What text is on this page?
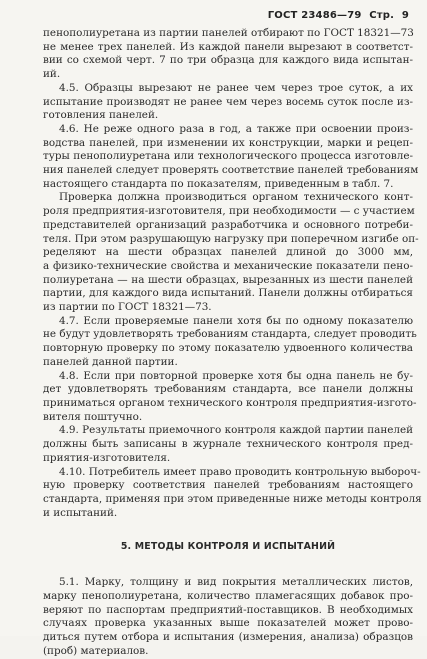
ГОСТ 23486—79 Стр. 9
пенополиуретана из партии панелей отбирают по ГОСТ 18321—73
не менее трех панелей. Из каждой панели вырезают в соответст-
вии со схемой черт. 7 по три образца для каждого вида испытан-
ий.
4.5. Образцы вырезают не ранее чем через трое суток, а их
испытание производят не ранее чем через восемь суток после из-
готовления панелей.
4.6. Не реже одного раза в год, а также при освоении произ-
водства панелей, при изменении их конструкции, марки и рецеп-
туры пенополиуретана или технологического процесса изготовле-
ния панелей следует проверять соответствие панелей требованиям
настоящего стандарта по показателям, приведенным в табл. 7.
Проверка должна производиться органом технического конт-
роля предприятия-изготовителя, при необходимости — с участием
представителей организаций разработчика и основного потреби-
теля. При этом разрушающую нагрузку при поперечном изгибе оп-
ределяют на шести образцах панелей длиной до 3000 мм,
а физико-технические свойства и механические показатели пено-
полиуретана — на шести образцах, вырезанных из шести панелей
партии, для каждого вида испытаний. Панели должны отбираться
из партии по ГОСТ 18321—73.
4.7. Если проверяемые панели хотя бы по одному показателю
не будут удовлетворять требованиям стандарта, следует проводить
повторную проверку по этому показателю удвоенного количества
панелей данной партии.
4.8. Если при повторной проверке хотя бы одна панель не бу-
дет удовлетворять требованиям стандарта, все панели должны
приниматься органом технического контроля предприятия-изгото-
вителя поштучно.
4.9. Результаты приемочного контроля каждой партии панелей
должны быть записаны в журнале технического контроля пред-
приятия-изготовителя.
4.10. Потребитель имеет право проводить контрольную выбороч-
ную проверку соответствия панелей требованиям настоящего
стандарта, применяя при этом приведенные ниже методы контроля
и испытаний.
5. МЕТОДЫ КОНТРОЛЯ И ИСПЫТАНИЙ
5.1. Марку, толщину и вид покрытия металлических листов,
марку пенополиуретана, количество пламегасящих добавок про-
веряют по паспортам предприятий-поставщиков. В необходимых
случаях проверка указанных выше показателей может прово-
диться путем отбора и испытания (измерения, анализа) образцов
(проб) материалов.
